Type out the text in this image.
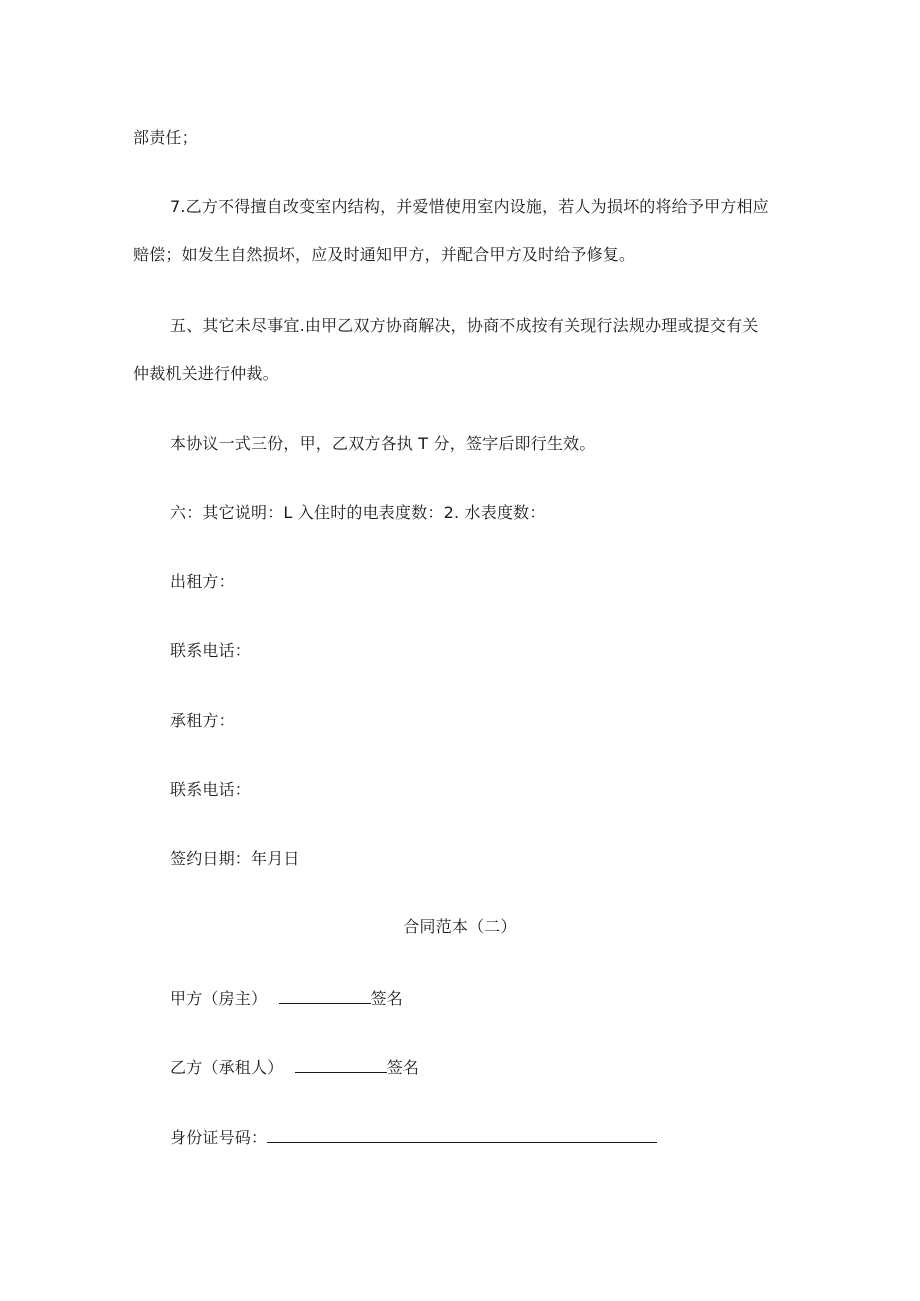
部责任；
7.乙方不得擅自改变室内结构，并爱惜使用室内设施，若人为损坏的将给予甲方相应
赔偿；如发生自然损坏，应及时通知甲方，并配合甲方及时给予修复。
五、其它未尽事宜.由甲乙双方协商解决，协商不成按有关现行法规办理或提交有关
仲裁机关进行仲裁。
本协议一式三份，甲，乙双方各执 T 分，签字后即行生效。
六：其它说明：L 入住时的电表度数：2. 水表度数：
出租方：
联系电话：
承租方：
联系电话：
签约日期：年月日
合同范本（二）
甲方（房主）	签名
乙方（承租人）	签名
身份证号码：
